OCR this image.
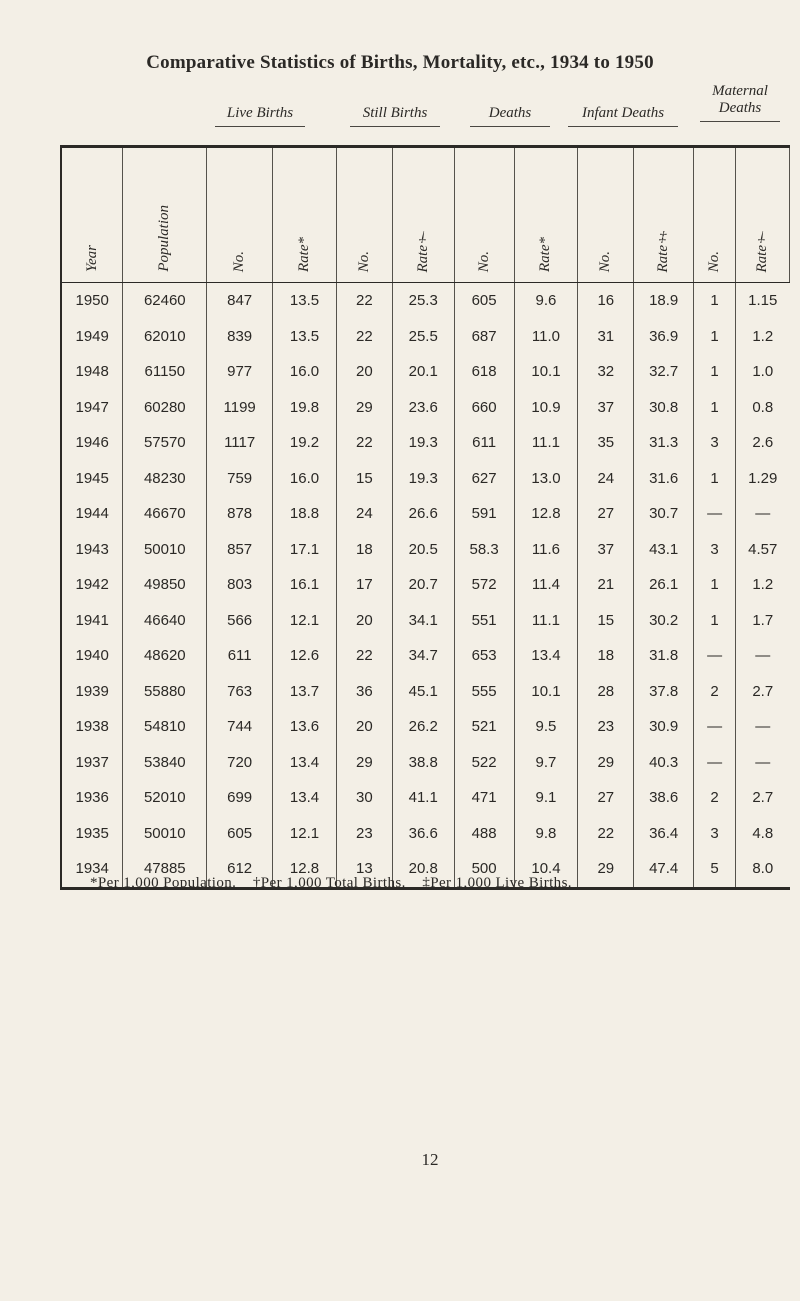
Comparative Statistics of Births, Mortality, etc., 1934 to 1950
Live Births	Still Births	Deaths	Infant Deaths
Maternal
Deaths
Year	Population	No.	Rate*	No.	Rate†	No.	Rate*	No.	Rate‡	No.	Rate†
1950	62460	847	13.5	22	25.3	605	9.6	16	18.9	1	1.15
1949	62010	839	13.5	22	25.5	687	11.0	31	36.9	1	1.2
1948	61150	977	16.0	20	20.1	618	10.1	32	32.7	1	1.0
1947	60280	1199	19.8	29	23.6	660	10.9	37	30.8	1	0.8
1946	57570	1117	19.2	22	19.3	611	11.1	35	31.3	3	2.6
1945	48230	759	16.0	15	19.3	627	13.0	24	31.6	1	1.29
1944	46670	878	18.8	24	26.6	591	12.8	27	30.7	—	—
1943	50010	857	17.1	18	20.5	58.3	11.6	37	43.1	3	4.57
1942	49850	803	16.1	17	20.7	572	11.4	21	26.1	1	1.2
1941	46640	566	12.1	20	34.1	551	11.1	15	30.2	1	1.7
1940	48620	611	12.6	22	34.7	653	13.4	18	31.8	—	—
1939	55880	763	13.7	36	45.1	555	10.1	28	37.8	2	2.7
1938	54810	744	13.6	20	26.2	521	9.5	23	30.9	—	—
1937	53840	720	13.4	29	38.8	522	9.7	29	40.3	—	—
1936	52010	699	13.4	30	41.1	471	9.1	27	38.6	2	2.7
1935	50010	605	12.1	23	36.6	488	9.8	22	36.4	3	4.8
1934	47885	612	12.8	13	20.8	500	10.4	29	47.4	5	8.0
*Per 1,000 Population.    †Per 1,000 Total Births.    ‡Per 1,000 Live Births.
12
